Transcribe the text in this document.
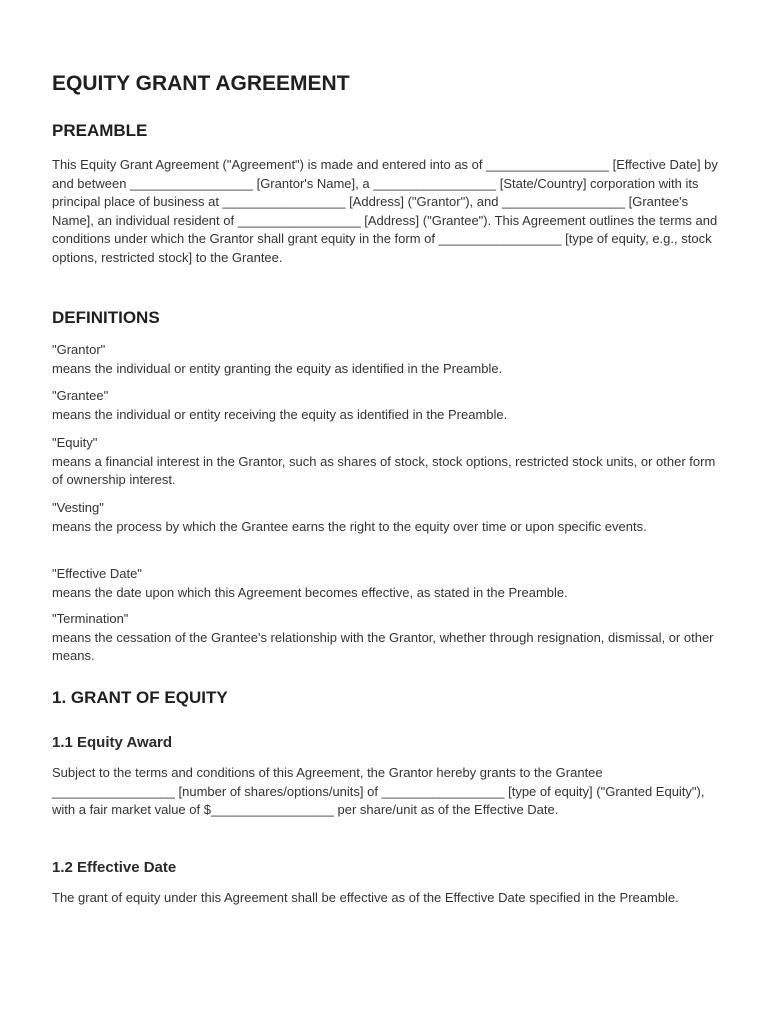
EQUITY GRANT AGREEMENT
PREAMBLE

This Equity Grant Agreement ("Agreement") is made and entered into as of _________________ [Effective Date] by and between _________________ [Grantor's Name], a _________________ [State/Country] corporation with its principal place of business at _________________ [Address] ("Grantor"), and _________________ [Grantee's Name], an individual resident of _________________ [Address] ("Grantee"). This Agreement outlines the terms and conditions under which the Grantor shall grant equity in the form of _________________ [type of equity, e.g., stock options, restricted stock] to the Grantee.

DEFINITIONS
"Grantor"
means the individual or entity granting the equity as identified in the Preamble.
"Grantee"
means the individual or entity receiving the equity as identified in the Preamble.
"Equity"
means a financial interest in the Grantor, such as shares of stock, stock options, restricted stock units, or other form of ownership interest.
"Vesting"
means the process by which the Grantee earns the right to the equity over time or upon specific events.
"Effective Date"
means the date upon which this Agreement becomes effective, as stated in the Preamble.
"Termination"
means the cessation of the Grantee's relationship with the Grantor, whether through resignation, dismissal, or other means.
1. GRANT OF EQUITY
1.1 Equity Award

Subject to the terms and conditions of this Agreement, the Grantor hereby grants to the Grantee _________________ [number of shares/options/units] of _________________ [type of equity] ("Granted Equity"), with a fair market value of $_________________ per share/unit as of the Effective Date.

1.2 Effective Date

The grant of equity under this Agreement shall be effective as of the Effective Date specified in the Preamble.
